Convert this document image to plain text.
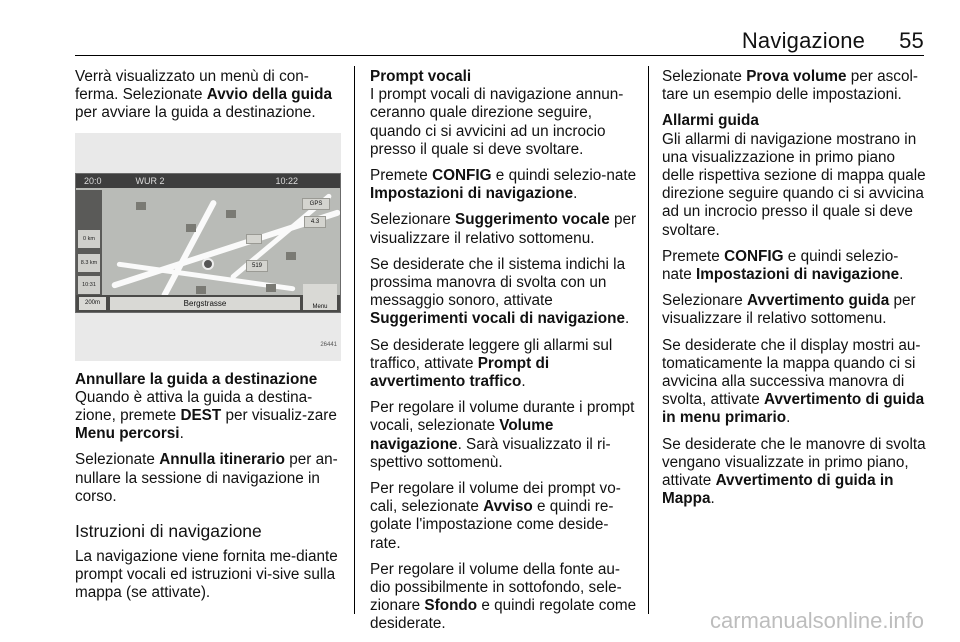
Navigazione 55

Verrà visualizzato un menù di con-ferma. Selezionate Avvio della guida per avviare la guida a destinazione.

20:0	WUR 2	10:22
GPS
4.3
519
0 km
8.3 km
10:31
200m	Bergstrasse	Menu
26441
Annullare la guida a destinazione

Quando è attiva la guida a destina-zione, premete DEST per visualiz-zare Menu percorsi.

Selezionate Annulla itinerario per an-nullare la sessione di navigazione in corso.

Istruzioni di navigazione

La navigazione viene fornita me-diante prompt vocali ed istruzioni vi-sive sulla mappa (se attivate).

Prompt vocali

I prompt vocali di navigazione annun-ceranno quale direzione seguire, quando ci si avvicini ad un incrocio presso il quale si deve svoltare.

Premete CONFIG e quindi selezio-nate Impostazioni di navigazione.

Selezionare Suggerimento vocale per visualizzare il relativo sottomenu.

Se desiderate che il sistema indichi la prossima manovra di svolta con un messaggio sonoro, attivate Suggerimenti vocali di navigazione.

Se desiderate leggere gli allarmi sul traffico, attivate Prompt di avvertimento traffico.

Per regolare il volume durante i prompt vocali, selezionate Volume navigazione. Sarà visualizzato il ri-spettivo sottomenù.

Per regolare il volume dei prompt vo-cali, selezionate Avviso e quindi re-golate l'impostazione come deside-rate.

Per regolare il volume della fonte au-dio possibilmente in sottofondo, sele-zionare Sfondo e quindi regolate come desiderate.

Selezionate Prova volume per ascol-tare un esempio delle impostazioni.

Allarmi guida

Gli allarmi di navigazione mostrano in una visualizzazione in primo piano delle rispettiva sezione di mappa quale direzione seguire quando ci si avvicina ad un incrocio presso il quale si deve svoltare.

Premete CONFIG e quindi selezio-nate Impostazioni di navigazione.

Selezionare Avvertimento guida per visualizzare il relativo sottomenu.

Se desiderate che il display mostri au-tomaticamente la mappa quando ci si avvicina alla successiva manovra di svolta, attivate Avvertimento di guida in menu primario.

Se desiderate che le manovre di svolta vengano visualizzate in primo piano, attivate Avvertimento di guida in Mappa.

carmanualsonline.info
